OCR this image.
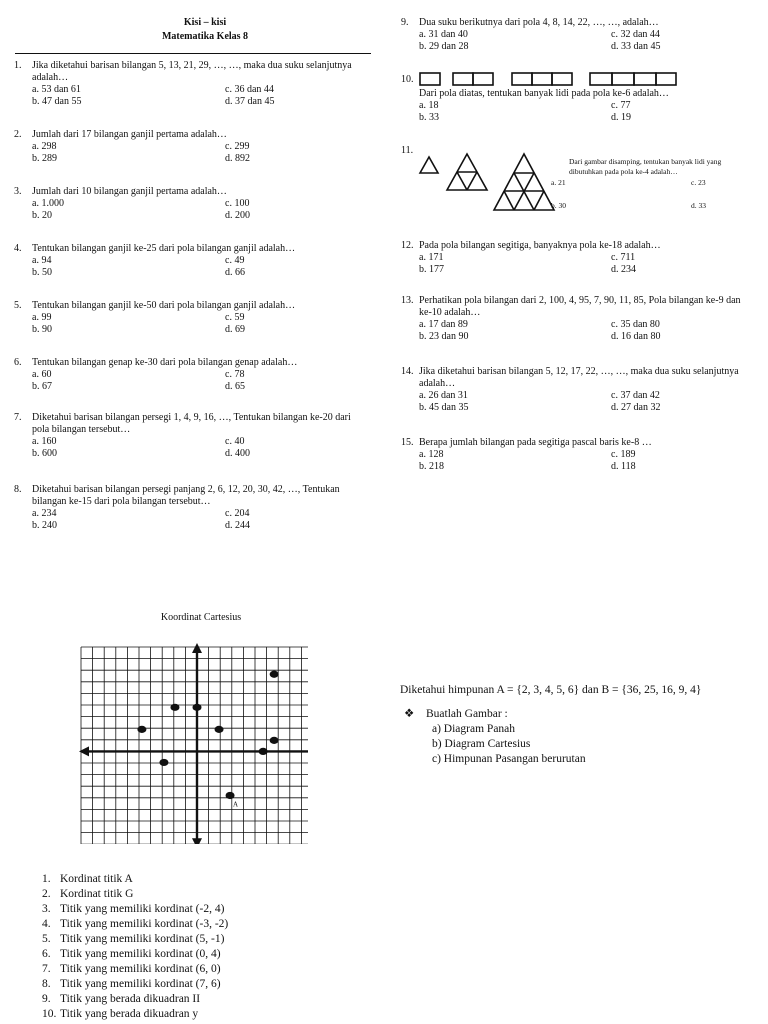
Kisi – kisi
Matematika Kelas 8
1.	Jika diketahui barisan bilangan 5, 13, 21, 29, …, …, maka dua suku selanjutnya adalah…
a. 53 dan 61	c. 36 dan 44
b. 47 dan 55	d. 37 dan 45
2.	Jumlah dari 17 bilangan ganjil pertama adalah…
a. 298	c. 299
b. 289	d. 892
3.	Jumlah dari 10 bilangan ganjil pertama adalah…
a. 1.000	c. 100
b. 20	d. 200
4.	Tentukan bilangan ganjil ke-25 dari pola bilangan ganjil adalah…
a. 94	c. 49
b. 50	d. 66
5.	Tentukan bilangan ganjil ke-50 dari pola bilangan ganjil adalah…
a. 99	c. 59
b. 90	d. 69
6.	Tentukan bilangan genap ke-30 dari pola bilangan genap adalah…
a. 60	c. 78
b. 67	d. 65
7.	Diketahui barisan bilangan persegi 1, 4, 9, 16, …, Tentukan bilangan ke-20 dari pola bilangan tersebut…
a. 160	c. 40
b. 600	d. 400
8.	Diketahui barisan bilangan persegi panjang 2, 6, 12, 20, 30, 42, …, Tentukan bilangan ke-15 dari pola bilangan tersebut…
a. 234	c. 204
b. 240	d. 244
9.	Dua suku berikutnya dari pola 4, 8, 14, 22, …, …, adalah…
a. 31 dan 40	c. 32 dan 44
b. 29 dan 28	d. 33 dan 45
10.
Dari pola diatas, tentukan banyak lidi pada pola ke-6 adalah…
a. 18	c. 77
b. 33	d. 19
11.
Dari gambar disamping, tentukan banyak lidi yang dibutuhkan pada pola ke-4 adalah…
a. 21	c. 23
b. 30	d. 33
12. Pada pola bilangan segitiga, banyaknya pola ke-18 adalah…
a. 171	c. 711
b. 177	d. 234
13. Perhatikan pola bilangan dari 2, 100, 4, 95, 7, 90, 11, 85, Pola bilangan ke-9 dan ke-10 adalah…
a. 17 dan 89	c. 35 dan 80
b. 23 dan 90	d. 16 dan 80
14. Jika diketahui barisan bilangan 5, 12, 17, 22, …, …, maka dua suku selanjutnya adalah…
a. 26 dan 31	c. 37 dan 42
b. 45 dan 35	d. 27 dan 32
15. Berapa jumlah bilangan pada segitiga pascal baris ke-8 …
a. 128	c. 189
b. 218	d. 118
Koordinat Cartesius
A
1. Kordinat titik A
2. Kordinat titik G
3. Titik yang memiliki kordinat (-2, 4)
4. Titik yang memiliki kordinat (-3, -2)
5. Titik yang memiliki kordinat (5, -1)
6. Titik yang memiliki kordinat (0, 4)
7. Titik yang memiliki kordinat (6, 0)
8. Titik yang memiliki kordinat (7, 6)
9. Titik yang berada dikuadran II
10. Titik yang berada dikuadran y
Diketahui himpunan A = {2, 3, 4, 5, 6} dan B = {36, 25, 16, 9, 4}
❖	Buatlah Gambar :
a) Diagram Panah
b) Diagram Cartesius
c) Himpunan Pasangan berurutan
